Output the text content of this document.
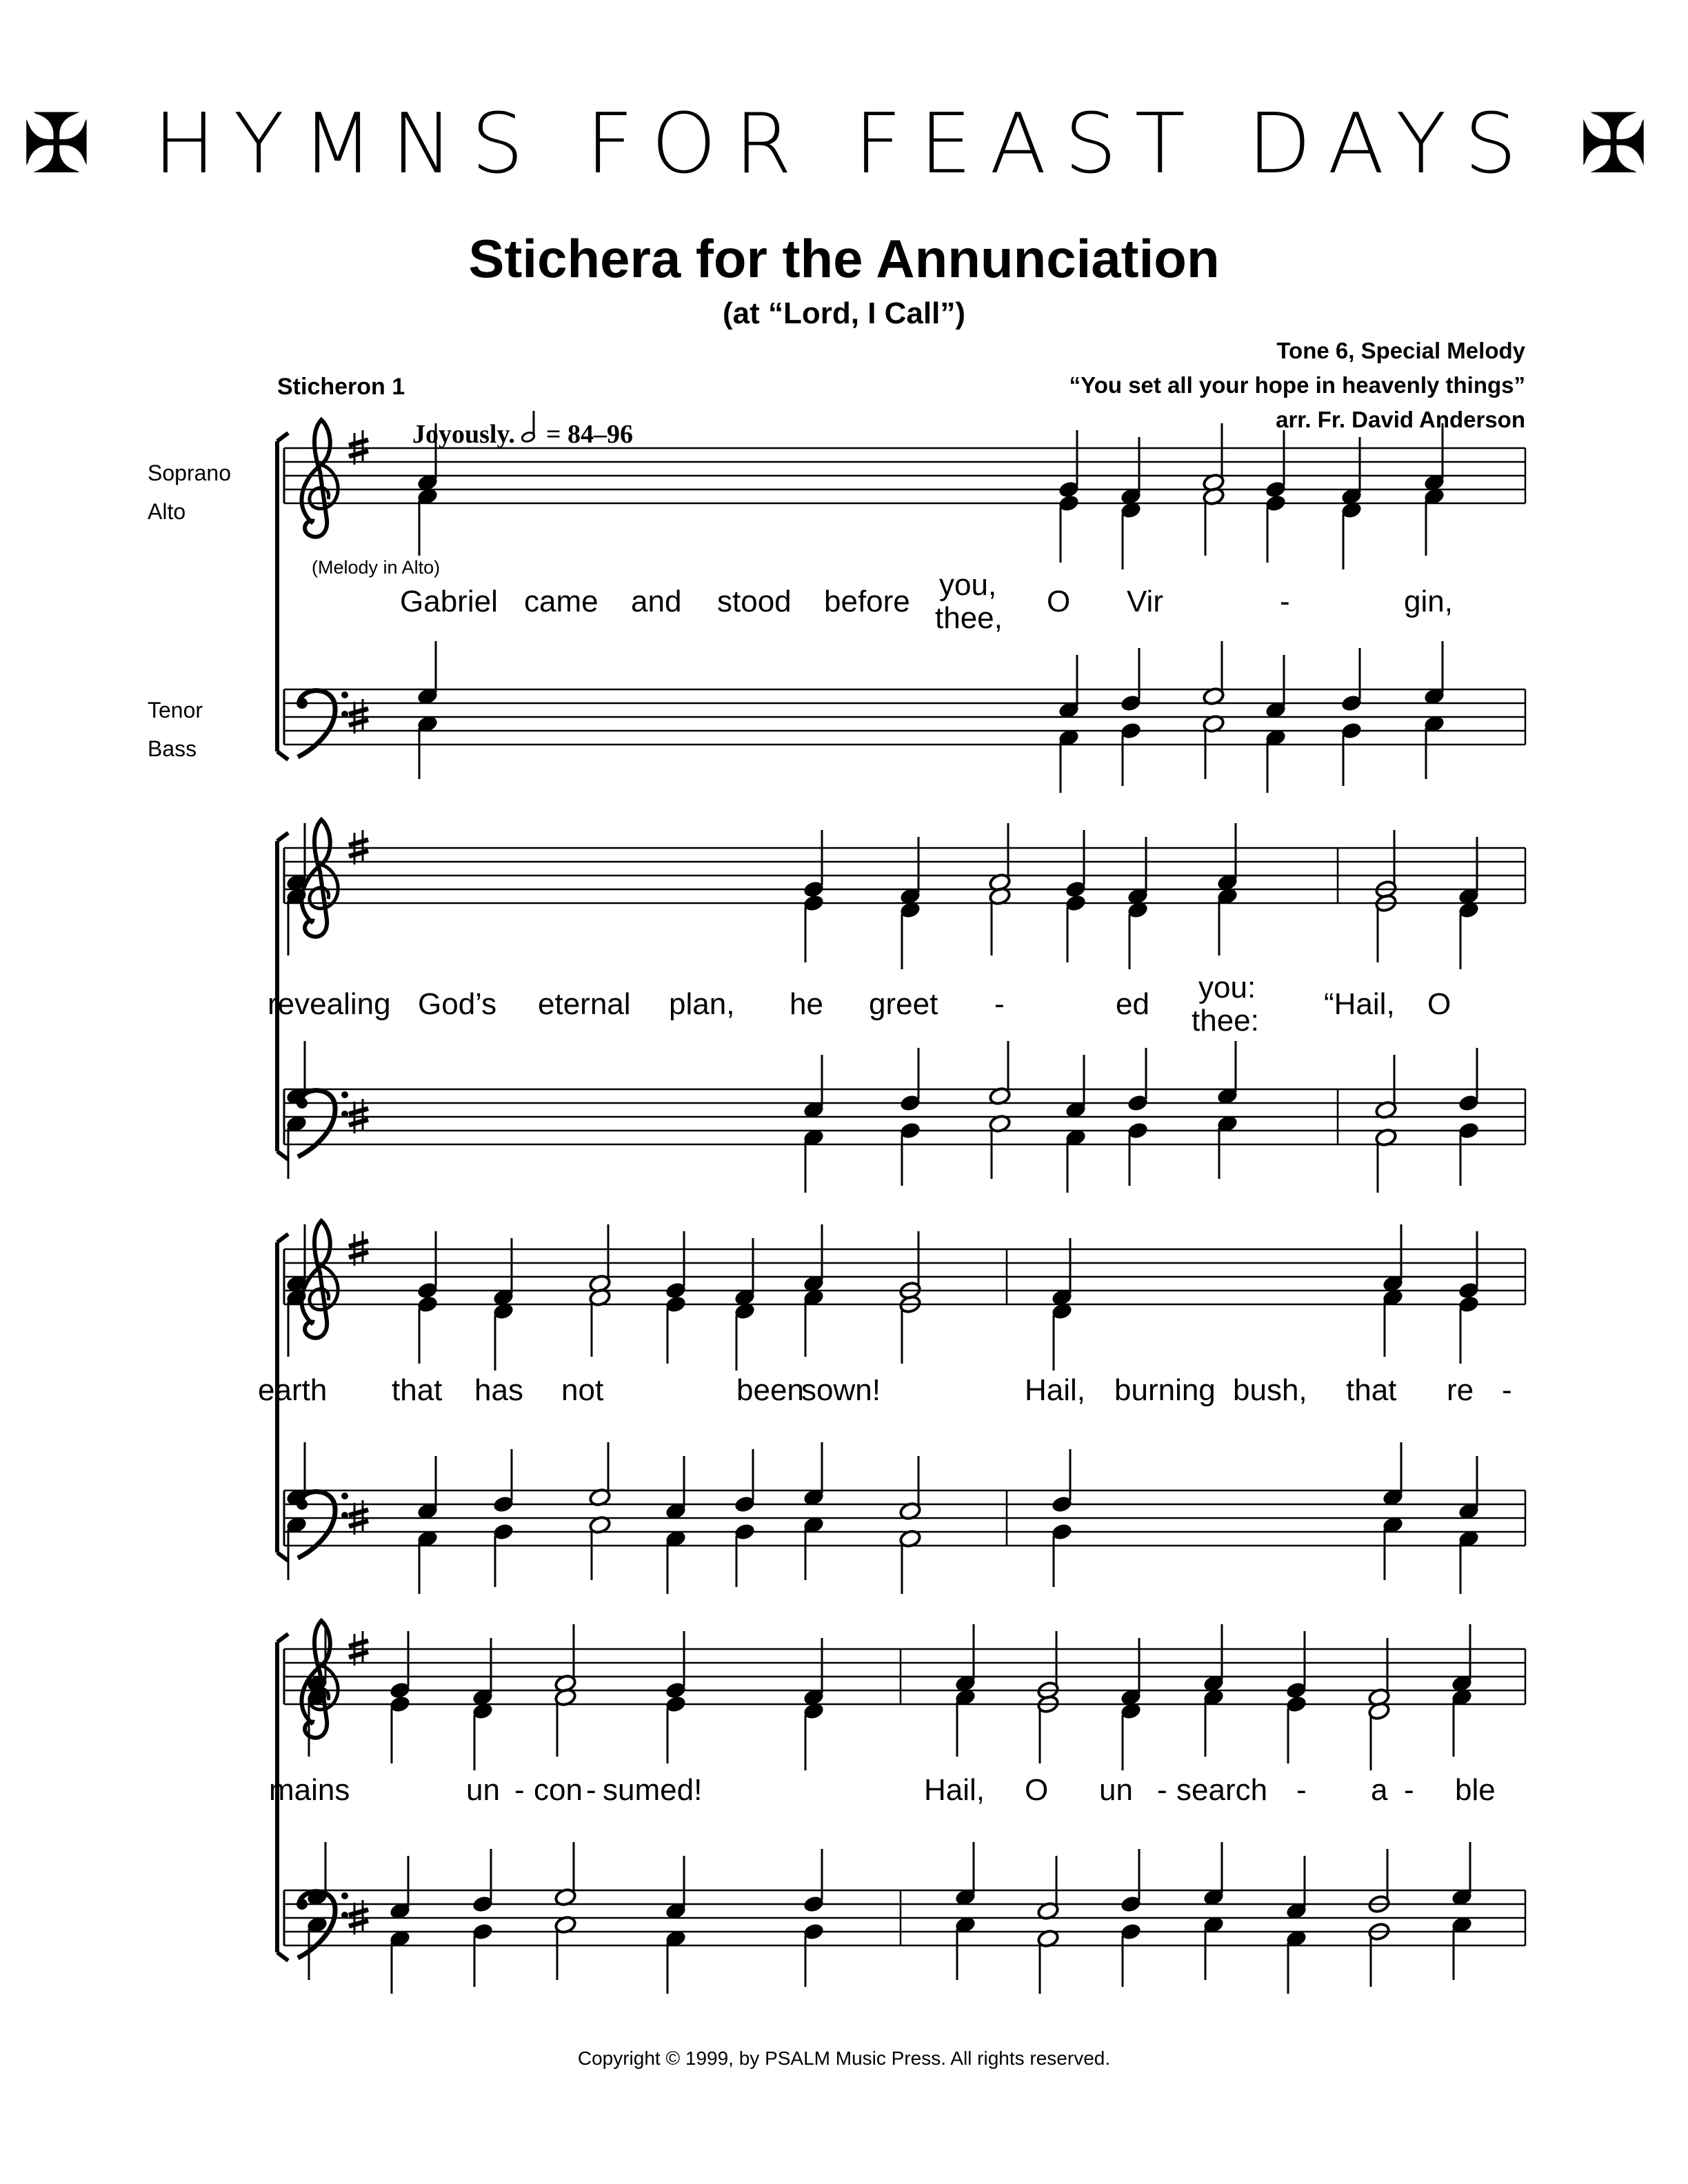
✠ HYMNS FOR FEAST DAYS ✠
Stichera for the Annunciation
(at “Lord, I Call”)
Tone 6, Special Melody
“You set all your hope in heavenly things”
arr. Fr. David Anderson
Sticheron 1
Joyously. = 84–96
Soprano
Alto
Tenor
Bass
(Melody in Alto)
Gabriel came and stood before you,
thee, O Vir	-	gin,
revealing God’s eternal plan, he greet -	ed you:
thee: “Hail, O
earth that has not	been
sown!	Hail, burning bush, that re -
mains	un - con - sumed!	Hail, O un - search - a - ble
Copyright © 1999, by PSALM Music Press. All rights reserved.
